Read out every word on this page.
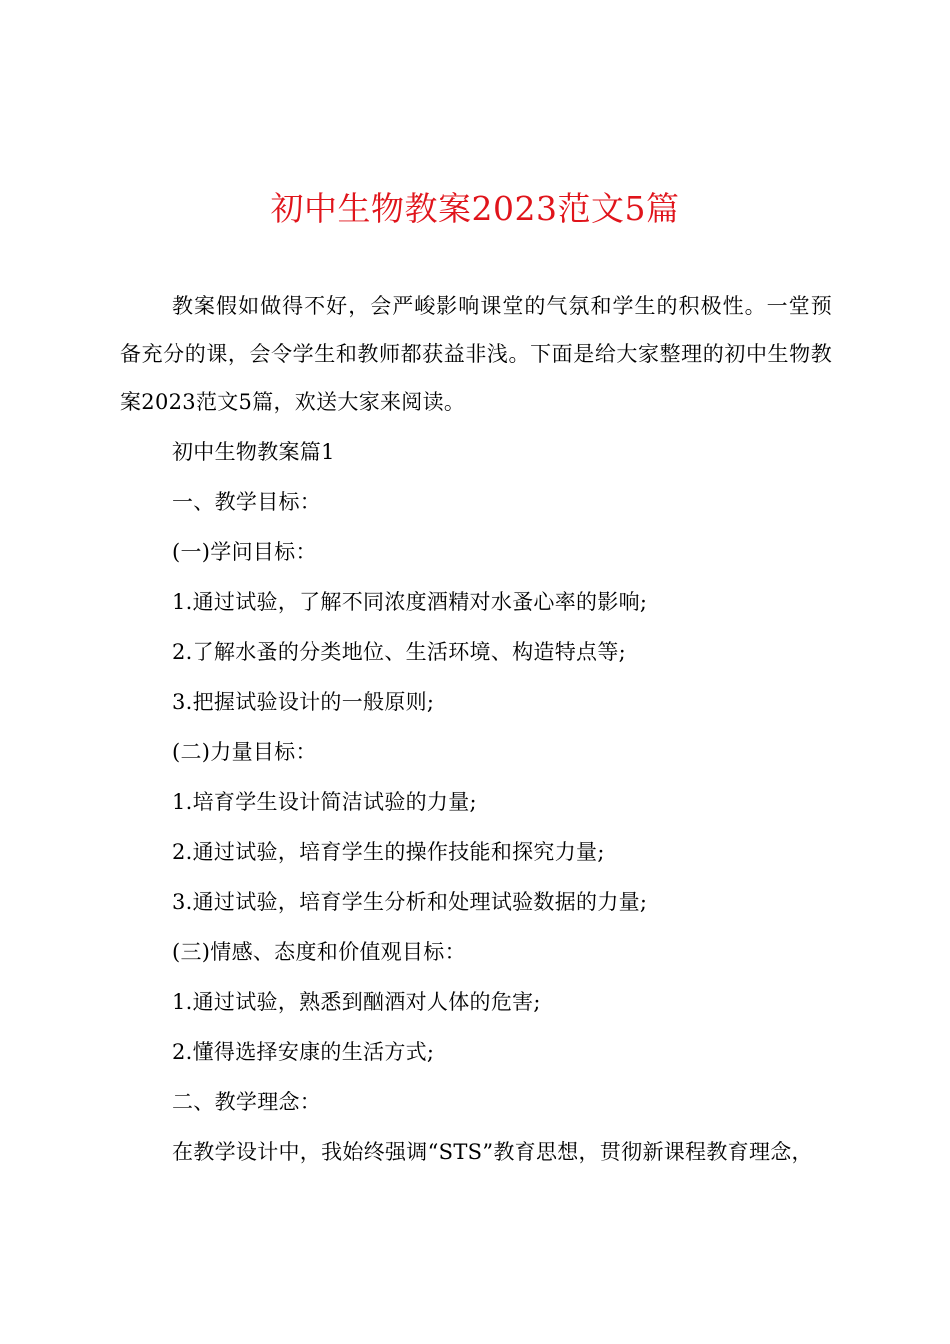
初中生物教案2023范文5篇
教案假如做得不好，会严峻影响课堂的气氛和学生的积极性。一堂预备充分的课，会令学生和教师都获益非浅。下面是给大家整理的初中生物教案2023范文5篇，欢送大家来阅读。
初中生物教案篇1
一、教学目标：
(一)学问目标：
1.通过试验，了解不同浓度酒精对水蚤心率的影响;
2.了解水蚤的分类地位、生活环境、构造特点等;
3.把握试验设计的一般原则;
(二)力量目标：
1.培育学生设计简洁试验的力量;
2.通过试验，培育学生的操作技能和探究力量;
3.通过试验，培育学生分析和处理试验数据的力量;
(三)情感、态度和价值观目标：
1.通过试验，熟悉到酗酒对人体的危害;
2.懂得选择安康的生活方式;
二、教学理念：
在教学设计中，我始终强调“STS”教育思想，贯彻新课程教育理念，
